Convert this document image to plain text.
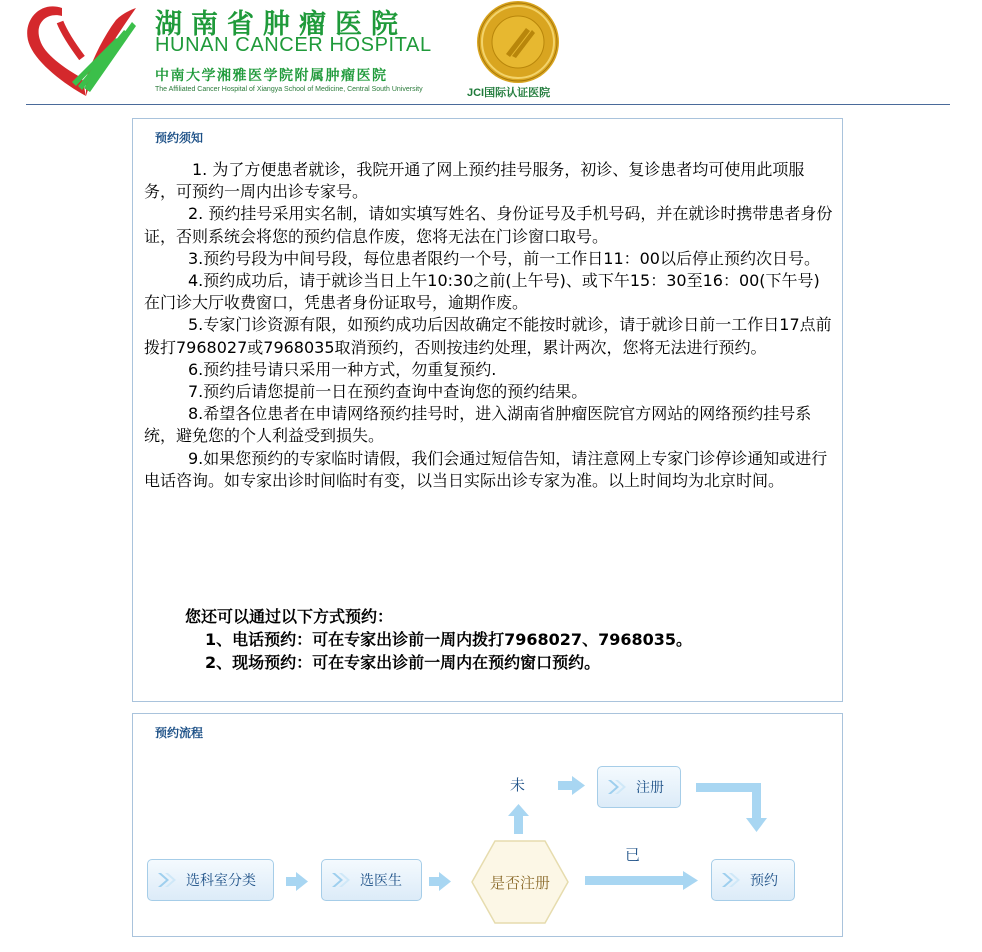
湖南省肿瘤医院
HUNAN CANCER HOSPITAL
中南大学湘雅医学院附属肿瘤医院
The Affiliated Cancer Hospital of Xiangya School of Medicine, Central South University	JCI国际认证医院
预约须知

1. 为了方便患者就诊，我院开通了网上预约挂号服务，初诊、复诊患者均可使用此项服务，可预约一周内出诊专家号。

2. 预约挂号采用实名制，请如实填写姓名、身份证号及手机号码，并在就诊时携带患者身份证，否则系统会将您的预约信息作废，您将无法在门诊窗口取号。

3.预约号段为中间号段，每位患者限约一个号，前一工作日11：00以后停止预约次日号。

4.预约成功后，请于就诊当日上午10:30之前(上午号)、或下午15：30至16：00(下午号)在门诊大厅收费窗口，凭患者身份证取号，逾期作废。

5.专家门诊资源有限，如预约成功后因故确定不能按时就诊，请于就诊日前一工作日17点前拨打7968027或7968035取消预约，否则按违约处理，累计两次，您将无法进行预约。

6.预约挂号请只采用一种方式，勿重复预约.

7.预约后请您提前一日在预约查询中查询您的预约结果。

8.希望各位患者在申请网络预约挂号时，进入湖南省肿瘤医院官方网站的网络预约挂号系统，避免您的个人利益受到损失。

9.如果您预约的专家临时请假，我们会通过短信告知，请注意网上专家门诊停诊通知或进行电话咨询。如专家出诊时间临时有变，以当日实际出诊专家为准。以上时间均为北京时间。

您还可以通过以下方式预约：
1、电话预约：可在专家出诊前一周内拨打7968027、7968035。
2、现场预约：可在专家出诊前一周内在预约窗口预约。
预约流程
选科室分类	选医生	是否注册
未
已
注册
预约
